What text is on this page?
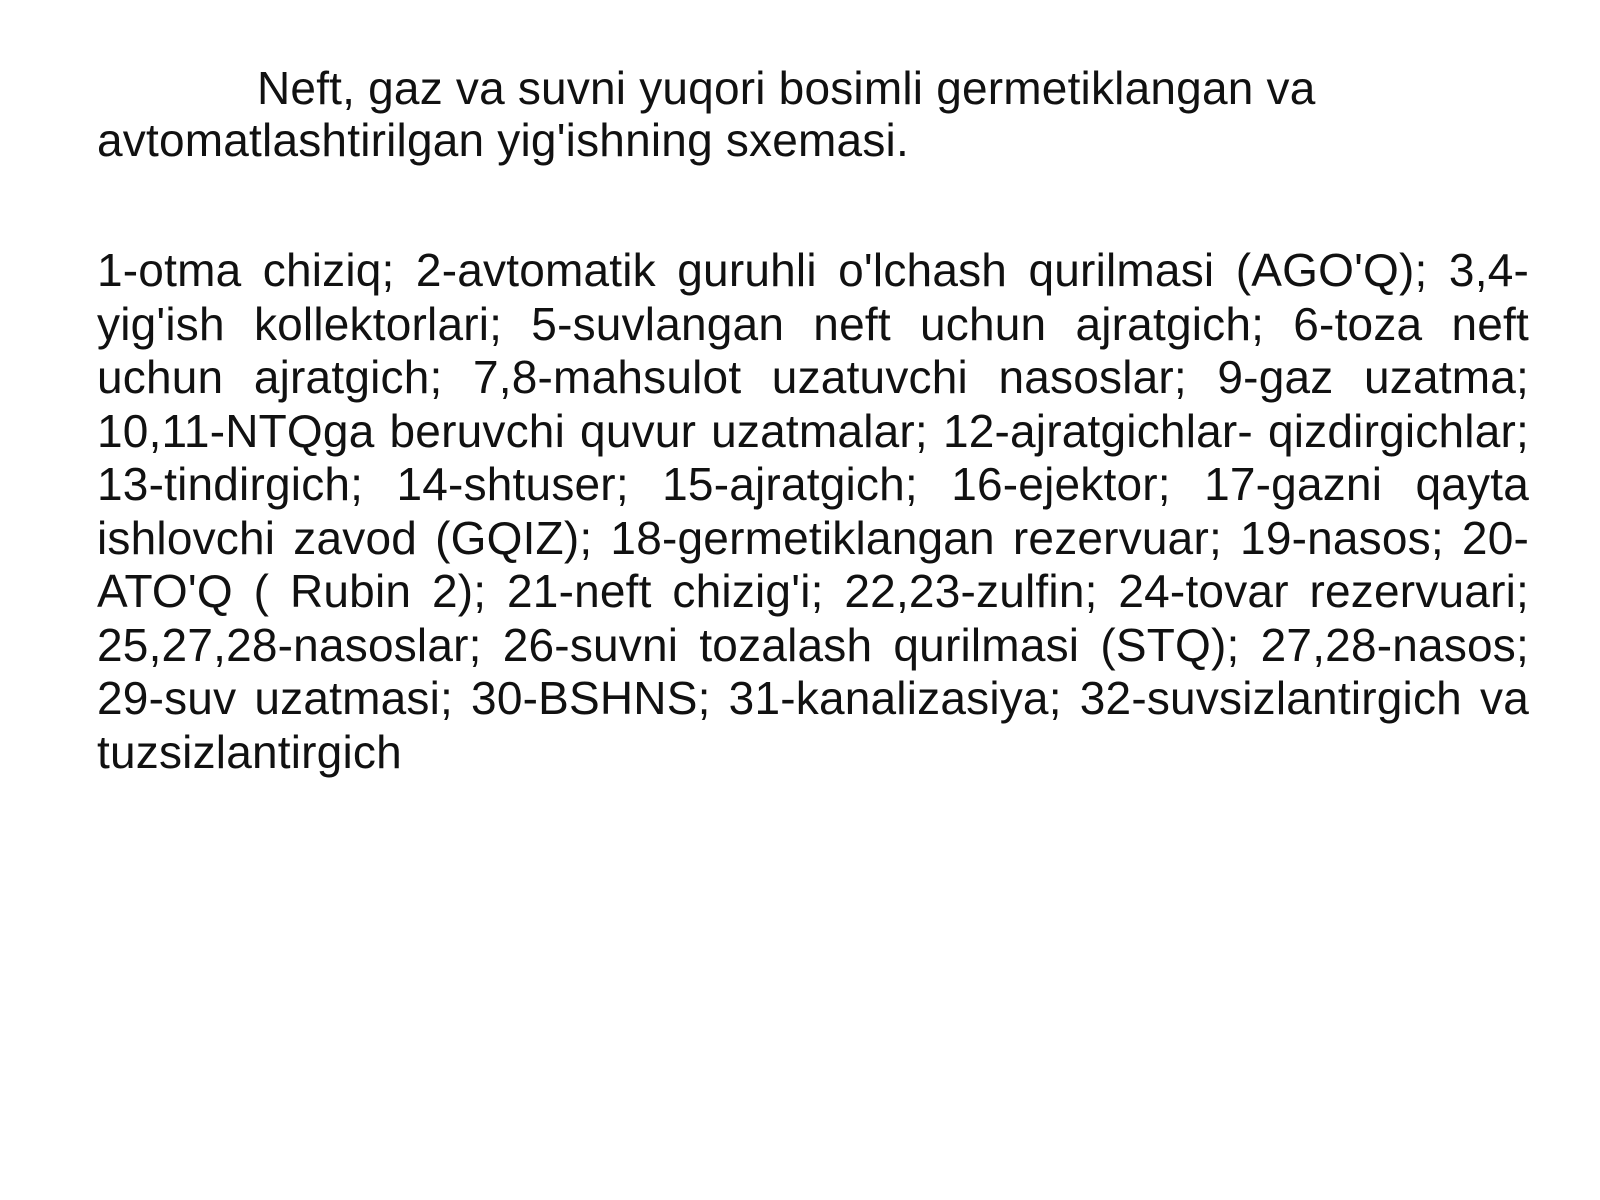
Neft, gaz va suvni yuqori bosimli germetiklangan va avtomatlashtirilgan yig'ishning sxemasi.

1-otma chiziq; 2-avtomatik guruhli o'lchash qurilmasi (AGO'Q); 3,4-yig'ish kollektorlari; 5-suvlangan neft uchun ajratgich; 6-toza neft uchun ajratgich; 7,8-mahsulot uzatuvchi nasoslar; 9-gaz uzatma; 10,11-NTQga beruvchi quvur uzatmalar; 12-ajratgichlar- qizdirgichlar; 13-tindirgich; 14-shtuser; 15-ajratgich; 16-ejektor; 17-gazni qayta ishlovchi zavod (GQIZ); 18-germetiklangan rezervuar; 19-nasos; 20-ATO'Q ( Rubin 2); 21-neft chizig'i; 22,23-zulfin; 24-tovar rezervuari; 25,27,28-nasoslar; 26-suvni tozalash qurilmasi (STQ); 27,28-nasos; 29-suv uzatmasi; 30-BSHNS; 31-kanalizasiya; 32-suvsizlantirgich va tuzsizlantirgich
